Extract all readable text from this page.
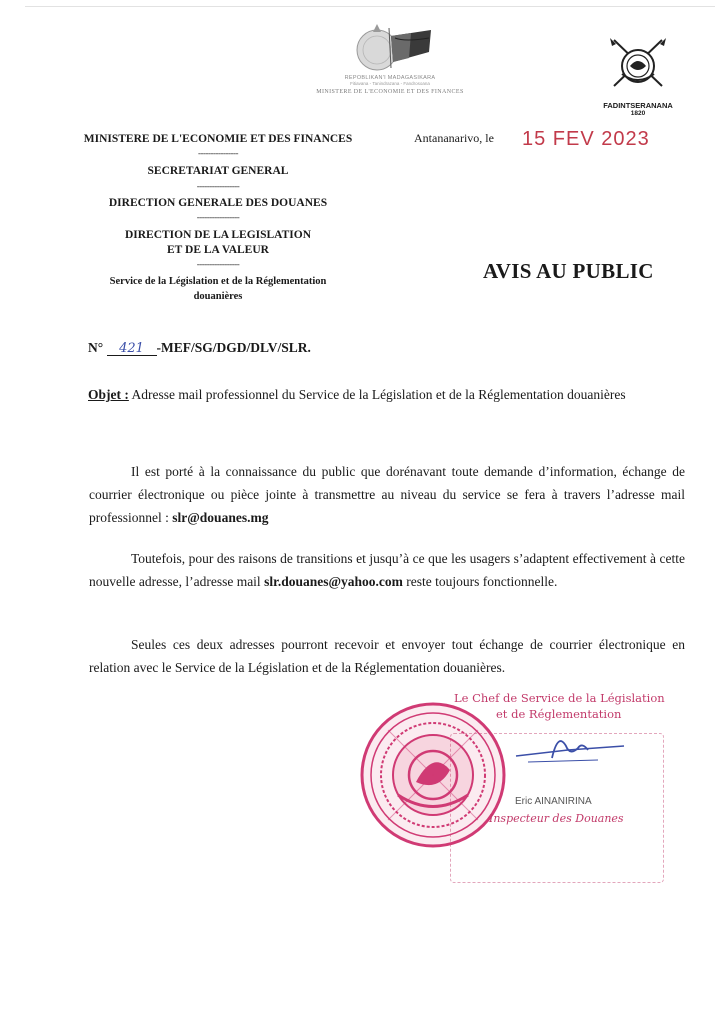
REPOBLIKAN'I MADAGASIKARA
Fitiavana - Tanindrazana - Fandrosoana
MINISTERE DE L'ECONOMIE ET DES FINANCES
FADINTSERANANA
1820
MINISTERE DE L'ECONOMIE ET DES FINANCES
----------------
SECRETARIAT GENERAL
-----------------
DIRECTION GENERALE DES DOUANES
-----------------
DIRECTION DE LA LEGISLATION
ET DE LA VALEUR
-----------------
Service de la Législation et de la Réglementation
douanières
Antananarivo, le 15 FEV 2023
AVIS AU PUBLIC
N° 421 -MEF/SG/DGD/DLV/SLR.
Objet : Adresse mail professionnel du Service de la Législation et de la Réglementation douanières

Il est porté à la connaissance du public que dorénavant toute demande d’information, échange de courrier électronique ou pièce jointe à transmettre au niveau du service se fera à travers l’adresse mail professionnel : slr@douanes.mg

Toutefois, pour des raisons de transitions et jusqu’à ce que les usagers s’adaptent effectivement à cette nouvelle adresse, l’adresse mail slr.douanes@yahoo.com reste toujours fonctionnelle.

Seules ces deux adresses pourront recevoir et envoyer tout échange de courrier électronique en relation avec le Service de la Législation et de la Réglementation douanières.

Le Chef de Service de la Législation
et de Réglementation
Eric AINANIRINA
Inspecteur des Douanes
